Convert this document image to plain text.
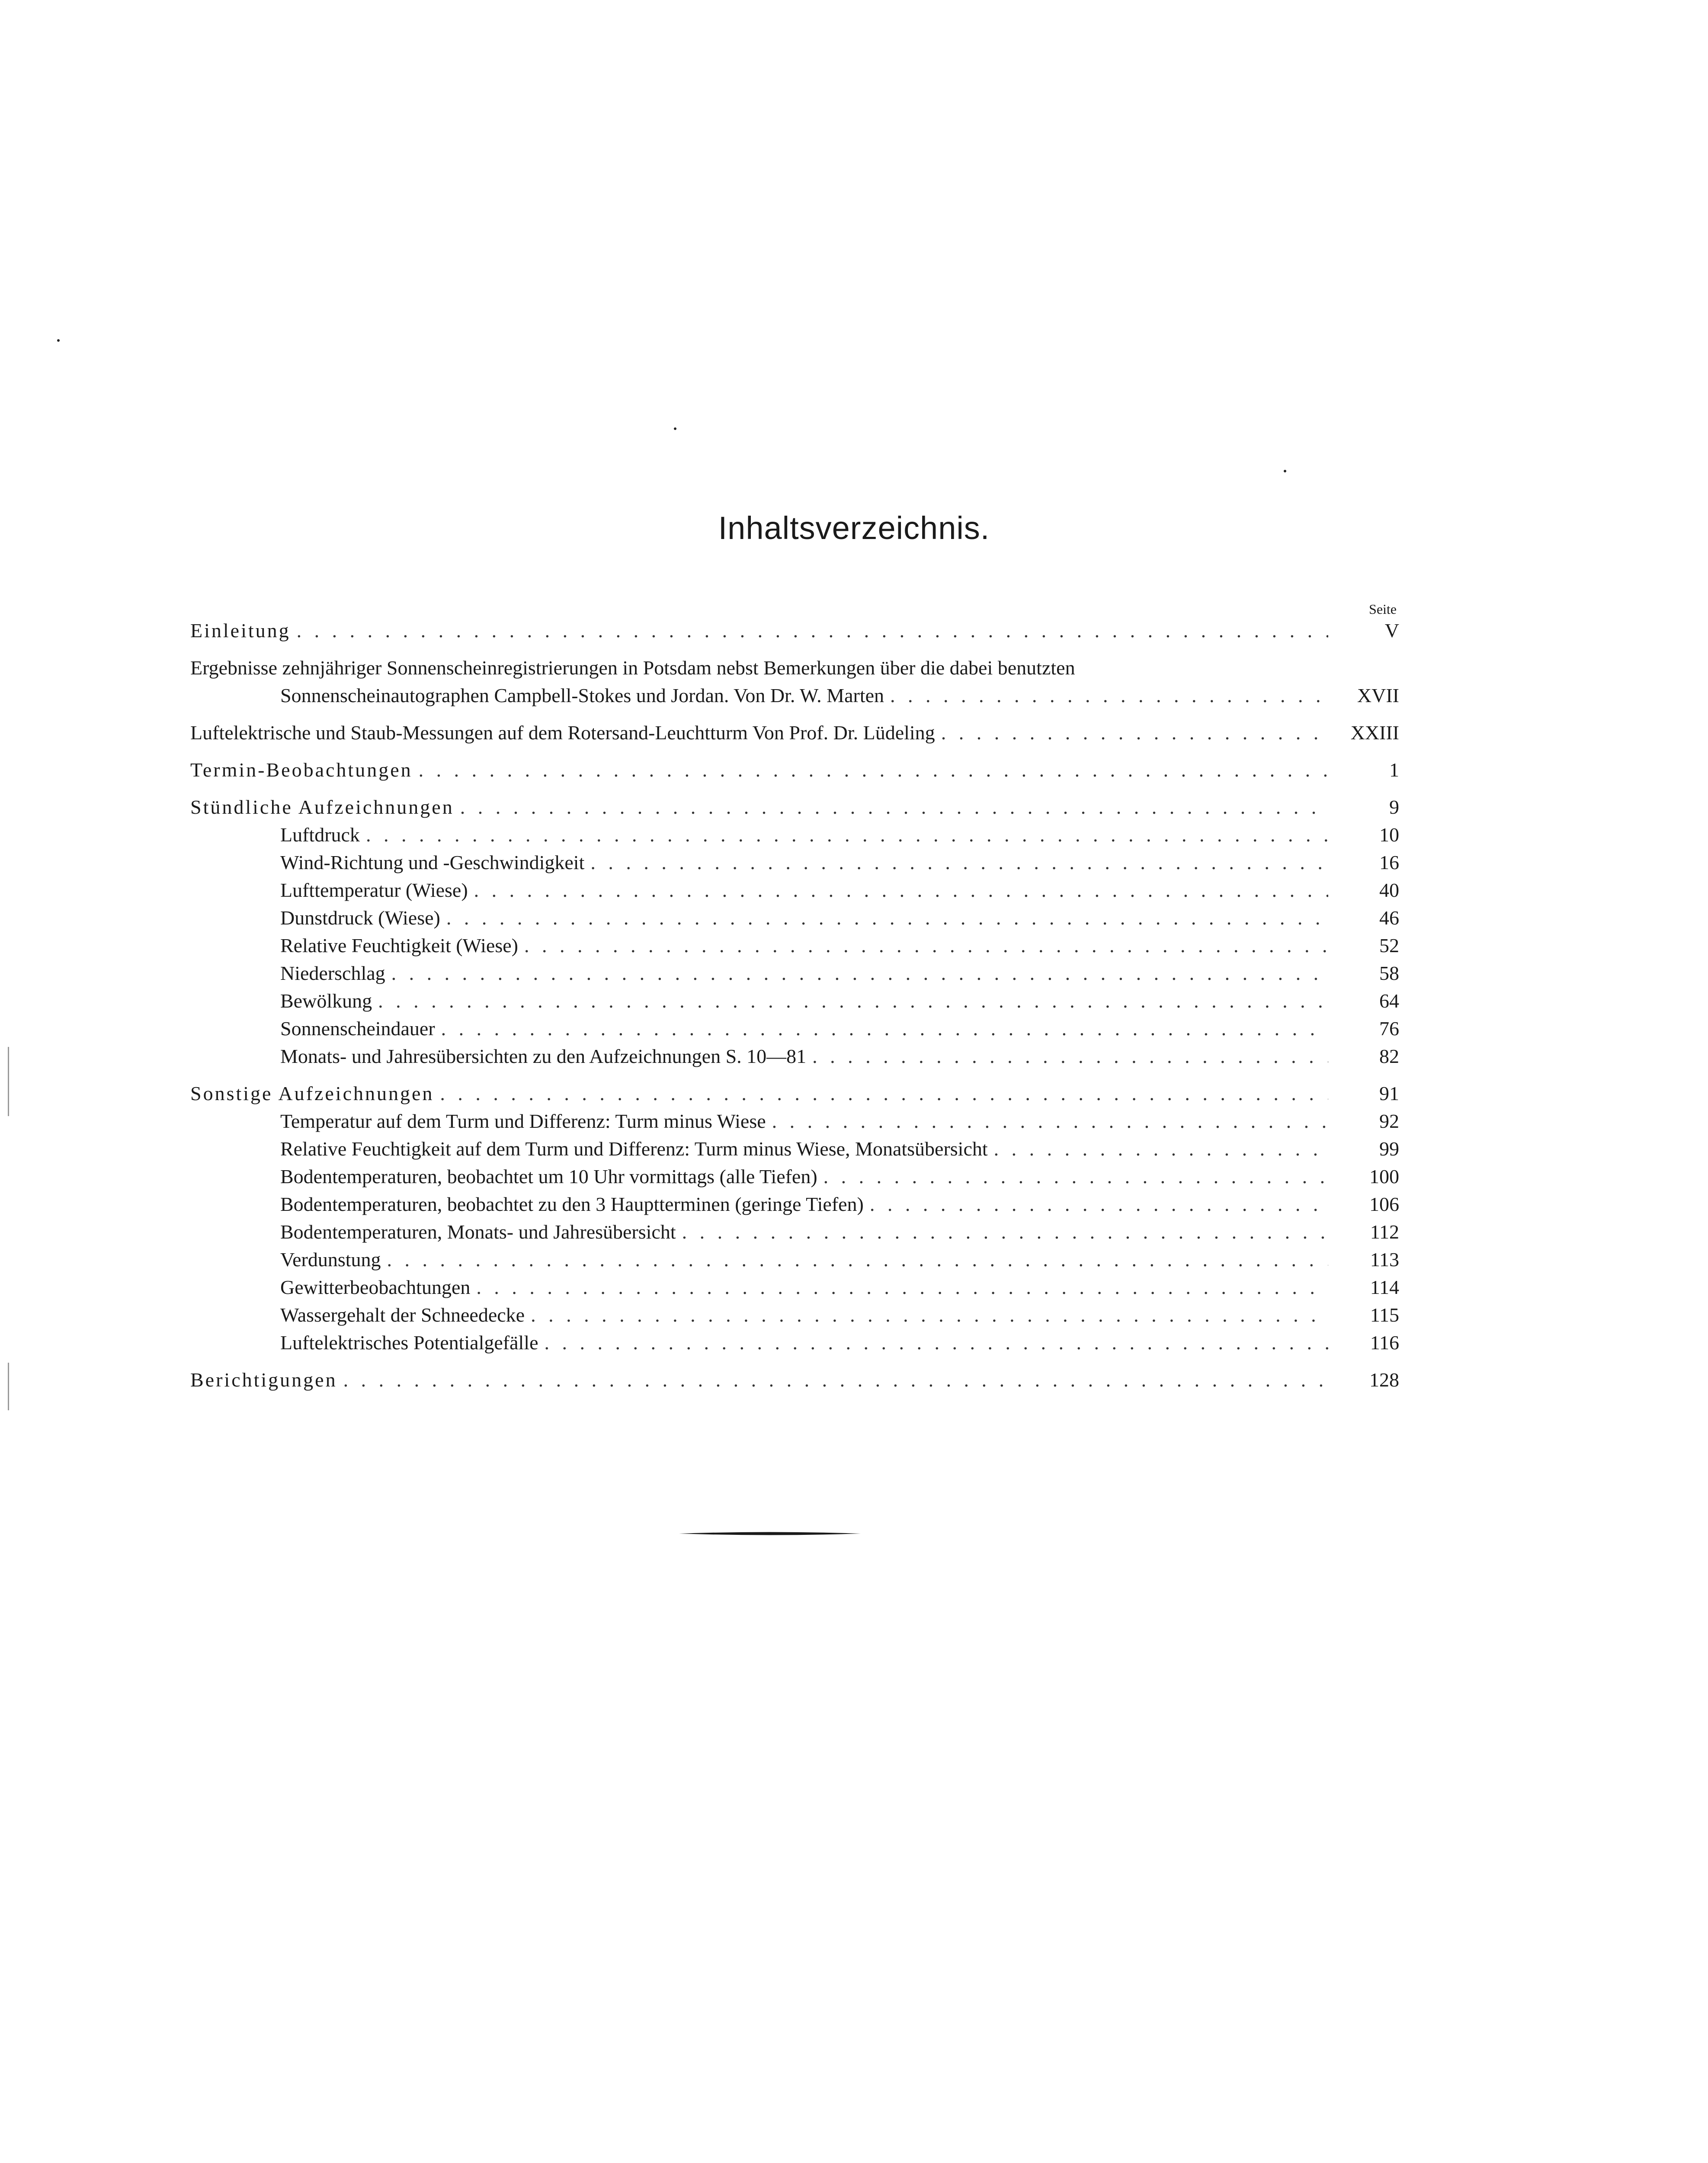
Inhaltsverzeichnis.
Seite
Einleitung . . .	V
Ergebnisse zehnjähriger Sonnenscheinregistrierungen in Potsdam nebst Bemerkungen über die dabei benutzten
Sonnenscheinautographen Campbell-Stokes und Jordan. Von Dr. W. Marten . . .	XVII
Luftelektrische und Staub-Messungen auf dem Rotersand-Leuchtturm Von Prof. Dr. Lüdeling . . .	XXIII
Termin-Beobachtungen . . .	1
Stündliche Aufzeichnungen . . .	9
Luftdruck . . .	10
Wind-Richtung und -Geschwindigkeit . . .	16
Lufttemperatur (Wiese) . . .	40
Dunstdruck (Wiese) . . .	46
Relative Feuchtigkeit (Wiese) . . .	52
Niederschlag . . .	58
Bewölkung . . .	64
Sonnenscheindauer . . .	76
Monats- und Jahresübersichten zu den Aufzeichnungen S. 10—81 . . .	82
Sonstige Aufzeichnungen . . .	91
Temperatur auf dem Turm und Differenz: Turm minus Wiese . . .	92
Relative Feuchtigkeit auf dem Turm und Differenz: Turm minus Wiese, Monatsübersicht . . .	99
Bodentemperaturen, beobachtet um 10 Uhr vormittags (alle Tiefen) . . .	100
Bodentemperaturen, beobachtet zu den 3 Hauptterminen (geringe Tiefen) . . .	106
Bodentemperaturen, Monats- und Jahresübersicht . . .	112
Verdunstung . . .	113
Gewitterbeobachtungen . . .	114
Wassergehalt der Schneedecke . . .	115
Luftelektrisches Potentialgefälle . . .	116
Berichtigungen . . .	128
